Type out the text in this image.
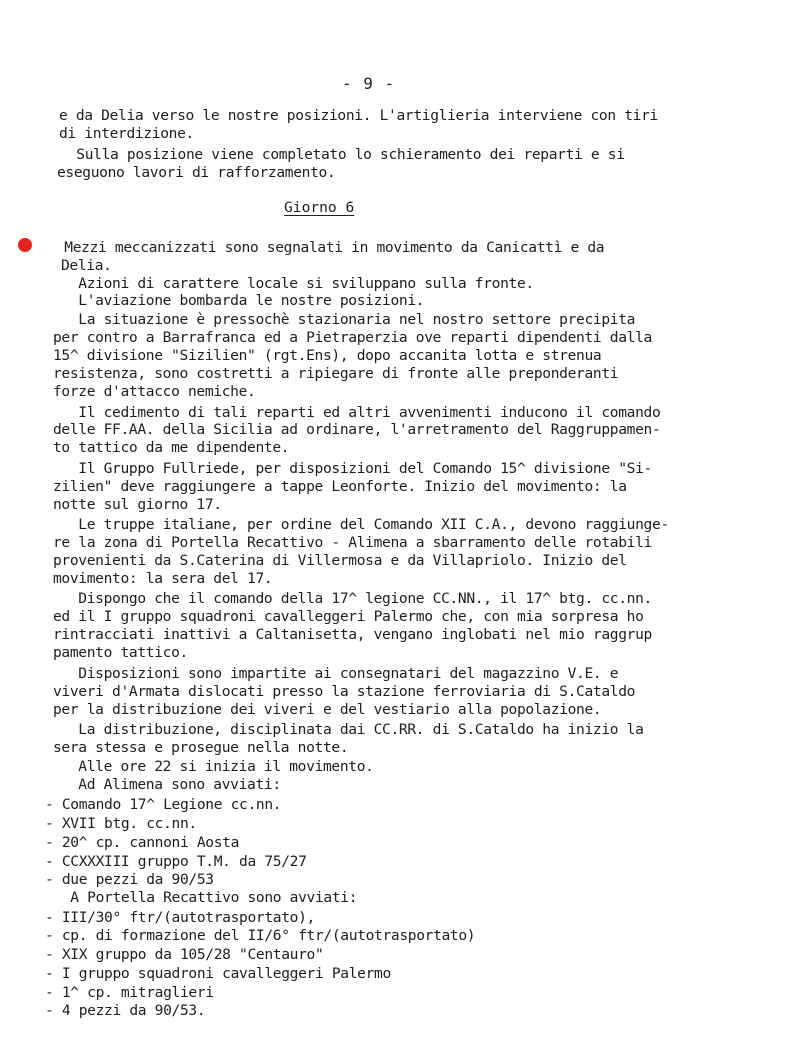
- 9 -

e da Delia verso le nostre posizioni. L'artiglieria interviene con tiri

di interdizione.

Sulla posizione viene completato lo schieramento dei reparti e si

eseguono lavori di rafforzamento.

Giorno 6

Mezzi meccanizzati sono segnalati in movimento da Canicattì e da

Delia.

Azioni di carattere locale si sviluppano sulla fronte.

L'aviazione bombarda le nostre posizioni.

La situazione è pressochè stazionaria nel nostro settore precipita

per contro a Barrafranca ed a Pietraperzia ove reparti dipendenti dalla

15^ divisione "Sizilien" (rgt.Ens), dopo accanita lotta e strenua

resistenza, sono costretti a ripiegare di fronte alle preponderanti

forze d'attacco nemiche.

Il cedimento di tali reparti ed altri avvenimenti inducono il comando

delle FF.AA. della Sicilia ad ordinare, l'arretramento del Raggruppamen-

to tattico da me dipendente.

Il Gruppo Fullriede, per disposizioni del Comando 15^ divisione "Si-

zilien" deve raggiungere a tappe Leonforte. Inizio del movimento: la

notte sul giorno 17.

Le truppe italiane, per ordine del Comando XII C.A., devono raggiunge-

re la zona di Portella Recattivo - Alimena a sbarramento delle rotabili

provenienti da S.Caterina di Villermosa e da Villapriolo. Inizio del

movimento: la sera del 17.

Dispongo che il comando della 17^ legione CC.NN., il 17^ btg. cc.nn.

ed il I gruppo squadroni cavalleggeri Palermo che, con mia sorpresa ho

rintracciati inattivi a Caltanisetta, vengano inglobati nel mio raggrup

pamento tattico.

Disposizioni sono impartite ai consegnatari del magazzino V.E. e

viveri d'Armata dislocati presso la stazione ferroviaria di S.Cataldo

per la distribuzione dei viveri e del vestiario alla popolazione.

La distribuzione, disciplinata dai CC.RR. di S.Cataldo ha inizio la

sera stessa e prosegue nella notte.

Alle ore 22 si inizia il movimento.

Ad Alimena sono avviati:

- Comando 17^ Legione cc.nn.

- XVII btg. cc.nn.

- 20^ cp. cannoni Aosta

- CCXXXIII gruppo T.M. da 75/27

- due pezzi da 90/53

A Portella Recattivo sono avviati:

- III/30° ftr/(autotrasportato),

- cp. di formazione del II/6° ftr/(autotrasportato)

- XIX gruppo da 105/28 "Centauro"

- I gruppo squadroni cavalleggeri Palermo

- 1^ cp. mitraglieri

- 4 pezzi da 90/53.
